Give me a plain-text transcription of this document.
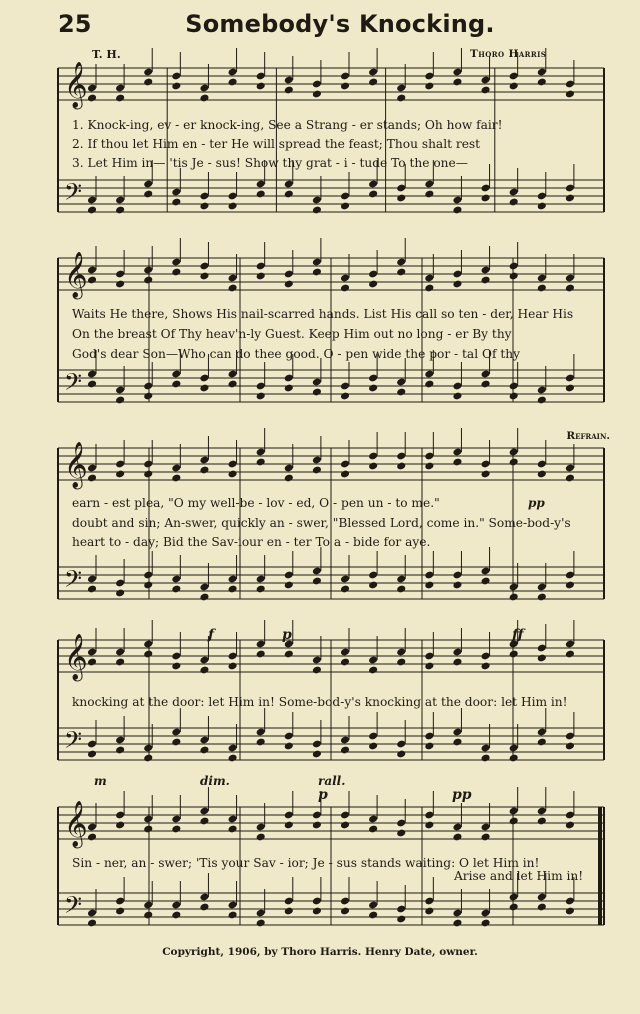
25	Somebody's Knocking.
T. H.	Thoro Harris
𝄞
𝄢
𝄞
𝄢
𝄞
𝄢
𝄞
𝄢
𝄞
𝄢
1. Knock-ing, ev - er knock-ing, See a Strang - er stands; Oh how fair!
2. If thou let Him en - ter He will spread the feast; Thou shalt rest
3. Let Him in— 'tis Je - sus! Show thy grat - i - tude To the one—
Waits He there, Shows His nail-scarred hands. List His call so ten - der, Hear His
On the breast Of Thy heav'n-ly Guest. Keep Him out no long - er By thy
God's dear Son—Who can do thee good. O - pen wide the por - tal Of thy
Refrain.
earn - est plea, "O my well-be - lov - ed, O - pen un - to me."
doubt and sin; An-swer, quickly an - swer, "Blessed Lord, come in." Some-bod-y's
heart to - day; Bid the Sav-iour en - ter To a - bide for aye.
pp
knocking at the door: let Him in! Some-bod-y's knocking at the door: let Him in!
f	p	ff
m	dim.	rall.
p	pp
Sin - ner, an - swer; 'Tis your Sav - ior; Je - sus stands waiting: O let Him in!
Arise and let Him in!
Copyright, 1906, by Thoro Harris. Henry Date, owner.
